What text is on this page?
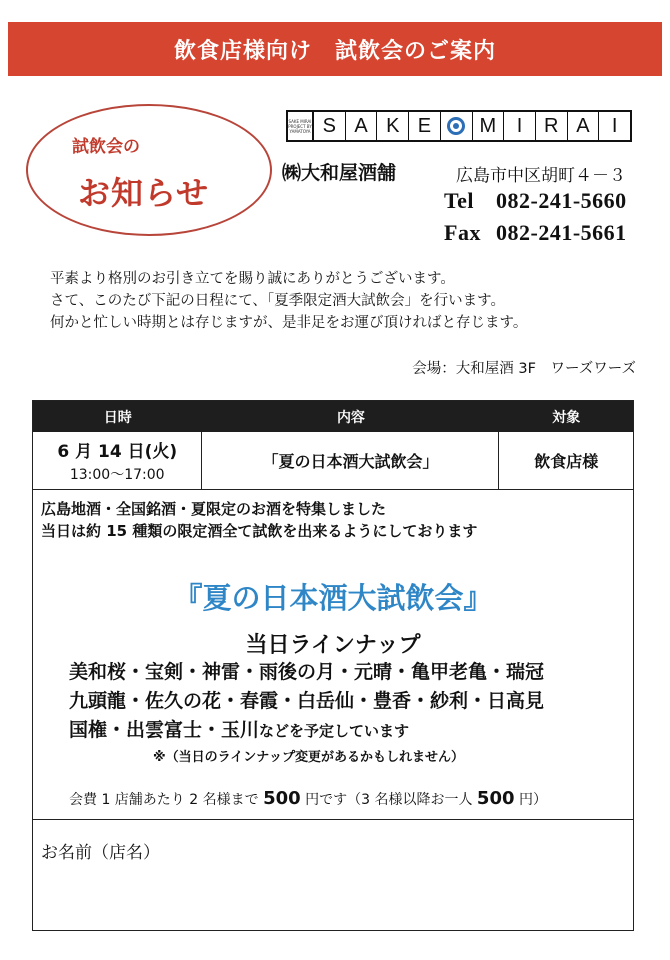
飲食店様向け　試飲会のご案内
試飲会の
お知らせ
SAKE MIRAI PROJECT BY YAMATOYA S A K E	M	I	R A	I
㈱大和屋酒舗	広島市中区胡町４－３
Tel 082-241-5660
Fax 082-241-5661
平素より格別のお引き立てを賜り誠にありがとうございます。
さて、このたび下記の日程にて、「夏季限定酒大試飲会」を行います。
何かと忙しい時期とは存じますが、是非足をお運び頂ければと存じます。
会場：大和屋酒 3F　ワーズワーズ
日時	内容	対象
6 月 14 日(火)
13:00～17:00
「夏の日本酒大試飲会」	飲食店様
広島地酒・全国銘酒・夏限定のお酒を特集しました
当日は約 15 種類の限定酒全て試飲を出来るようにしております
『夏の日本酒大試飲会』
当日ラインナップ
美和桜・宝剣・神雷・雨後の月・元晴・亀甲老亀・瑞冠
九頭龍・佐久の花・春霞・白岳仙・豊香・紗利・日高見
国権・出雲富士・玉川などを予定しています
※（当日のラインナップ変更があるかもしれません）
会費 1 店舗あたり 2 名様まで 500 円です（3 名様以降お一人 500 円）
お名前（店名）
